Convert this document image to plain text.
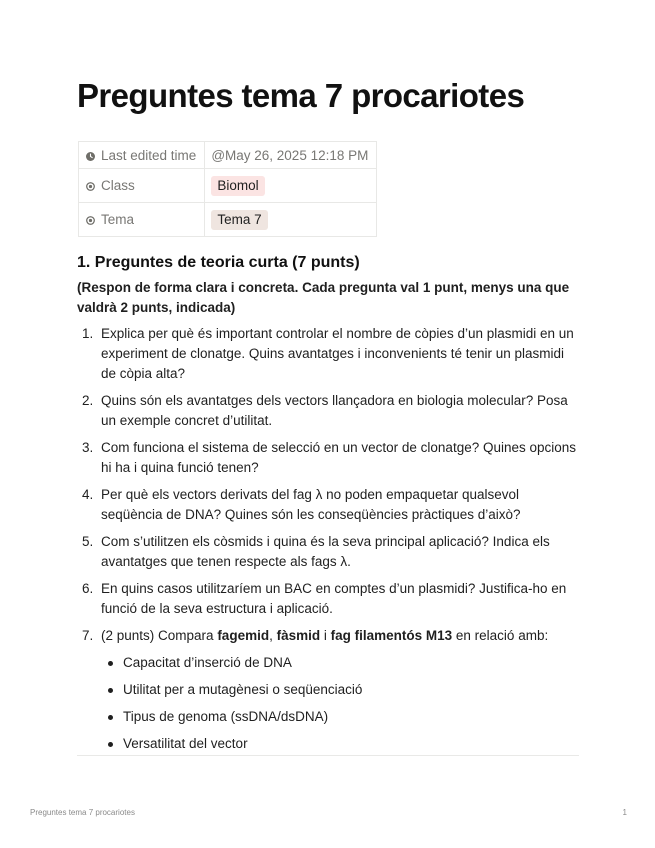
Preguntes tema 7 procariotes
Last edited time	@May 26, 2025 12:18 PM

Class	Biomol

Tema	Tema 7
1. Preguntes de teoria curta (7 punts)

(Respon de forma clara i concreta. Cada pregunta val 1 punt, menys una que valdrà 2 punts, indicada)

1. Explica per què és important controlar el nombre de còpies d’un plasmidi en un experiment de clonatge. Quins avantatges i inconvenients té tenir un plasmidi de còpia alta?
2. Quins són els avantatges dels vectors llançadora en biologia molecular? Posa un exemple concret d’utilitat.
3. Com funciona el sistema de selecció en un vector de clonatge? Quines opcions hi ha i quina funció tenen?
4. Per què els vectors derivats del fag λ no poden empaquetar qualsevol seqüència de DNA? Quines són les conseqüències pràctiques d’això?
5. Com s’utilitzen els còsmids i quina és la seva principal aplicació? Indica els avantatges que tenen respecte als fags λ.
6. En quins casos utilitzaríem un BAC en comptes d’un plasmidi? Justifica-ho en funció de la seva estructura i aplicació.
7. (2 punts) Compara fagemid, fàsmid i fag filamentós M13 en relació amb:
Capacitat d’inserció de DNA
Utilitat per a mutagènesi o seqüenciació
Tipus de genoma (ssDNA/dsDNA)
Versatilitat del vector
Preguntes tema 7 procariotes	1
